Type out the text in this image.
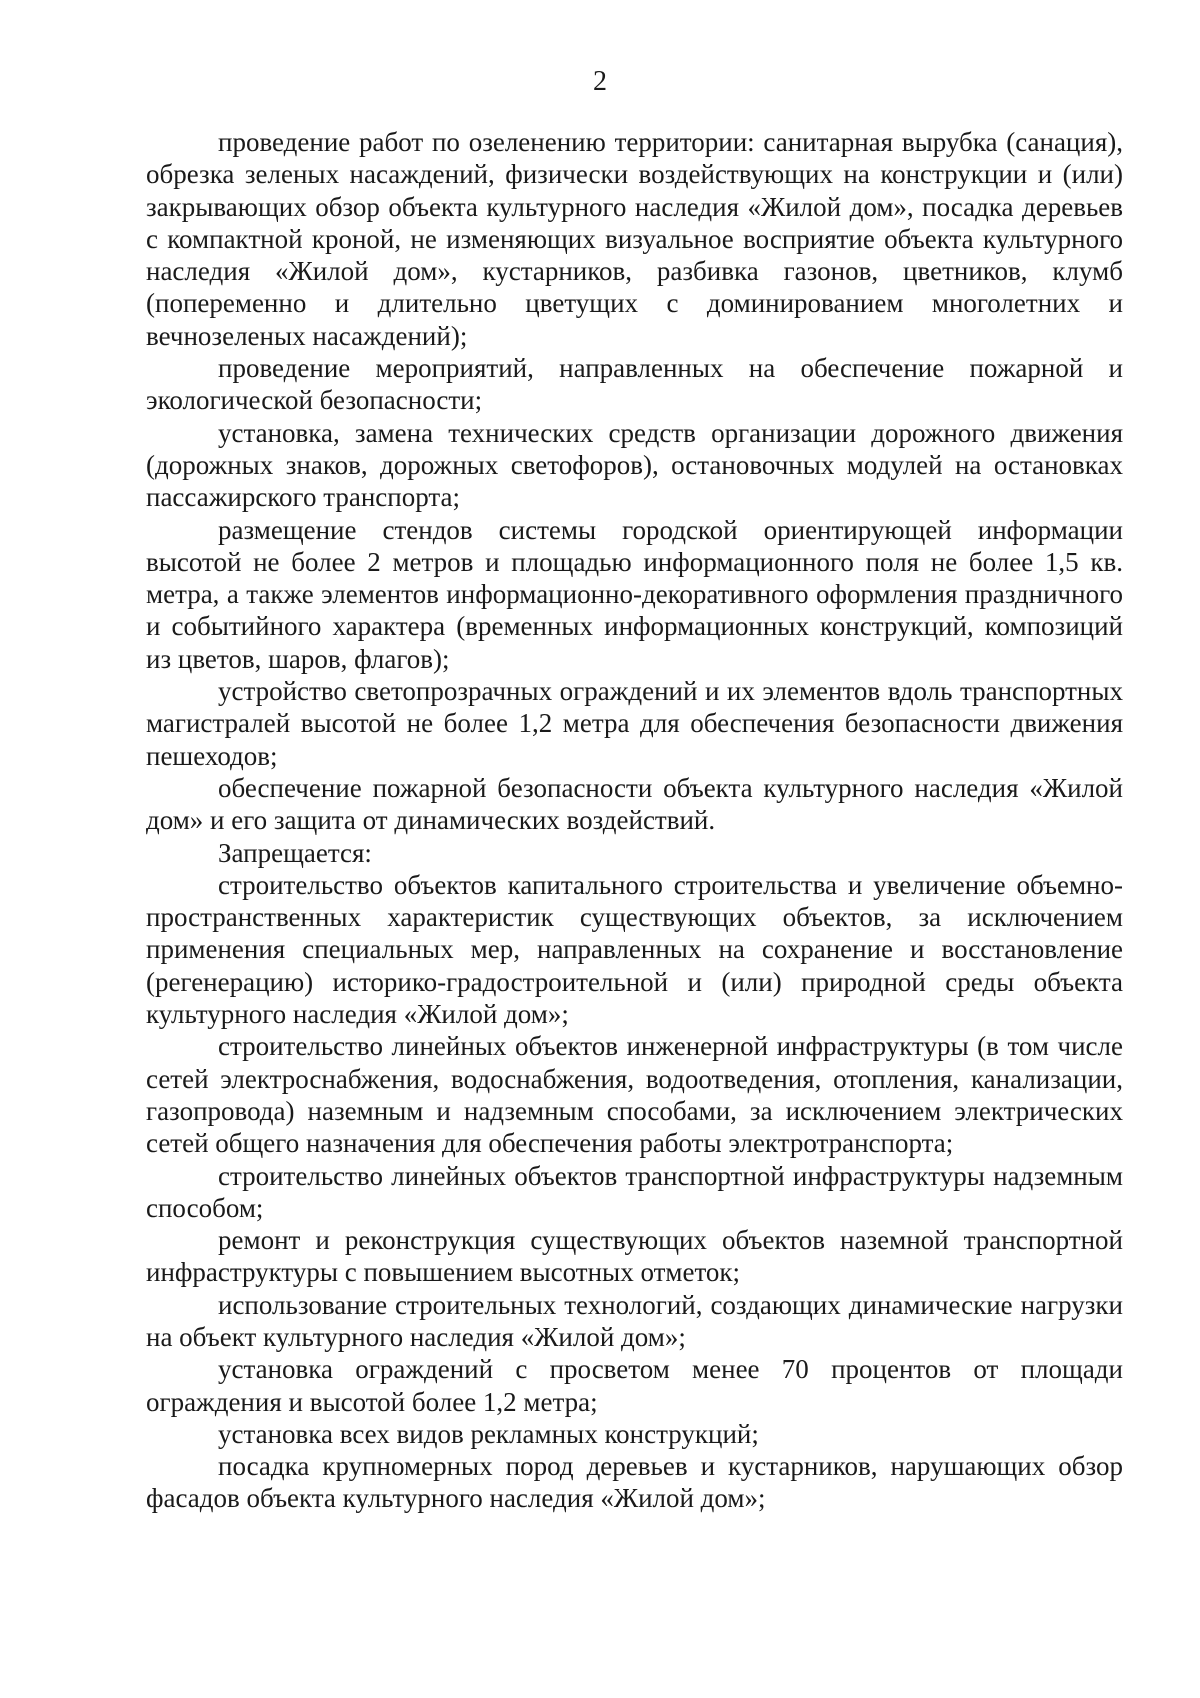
2

проведение работ по озеленению территории: санитарная вырубка (санация), обрезка зеленых насаждений, физически воздействующих на конструкции и (или) закрывающих обзор объекта культурного наследия «Жилой дом», посадка деревьев с компактной кроной, не изменяющих визуальное восприятие объекта культурного наследия «Жилой дом», кустарников, разбивка газонов, цветников, клумб (попеременно и длительно цветущих с доминированием многолетних и вечнозеленых насаждений);

проведение мероприятий, направленных на обеспечение пожарной и экологической безопасности;

установка, замена технических средств организации дорожного движения (дорожных знаков, дорожных светофоров), остановочных модулей на остановках пассажирского транспорта;

размещение стендов системы городской ориентирующей информации высотой не более 2 метров и площадью информационного поля не более 1,5 кв. метра, а также элементов информационно-декоративного оформления праздничного и событийного характера (временных информационных конструкций, композиций из цветов, шаров, флагов);

устройство светопрозрачных ограждений и их элементов вдоль транспортных магистралей высотой не более 1,2 метра для обеспечения безопасности движения пешеходов;

обеспечение пожарной безопасности объекта культурного наследия «Жилой дом» и его защита от динамических воздействий.

Запрещается:

строительство объектов капитального строительства и увеличение объемно-пространственных характеристик существующих объектов, за исключением применения специальных мер, направленных на сохранение и восстановление (регенерацию) историко-градостроительной и (или) природной среды объекта культурного наследия «Жилой дом»;

строительство линейных объектов инженерной инфраструктуры (в том числе сетей электроснабжения, водоснабжения, водоотведения, отопления, канализации, газопровода) наземным и надземным способами, за исключением электрических сетей общего назначения для обеспечения работы электротранспорта;

строительство линейных объектов транспортной инфраструктуры надземным способом;

ремонт и реконструкция существующих объектов наземной транспортной инфраструктуры с повышением высотных отметок;

использование строительных технологий, создающих динамические нагрузки на объект культурного наследия «Жилой дом»;

установка ограждений с просветом менее 70 процентов от площади ограждения и высотой более 1,2 метра;

установка всех видов рекламных конструкций;

посадка крупномерных пород деревьев и кустарников, нарушающих обзор фасадов объекта культурного наследия «Жилой дом»;
